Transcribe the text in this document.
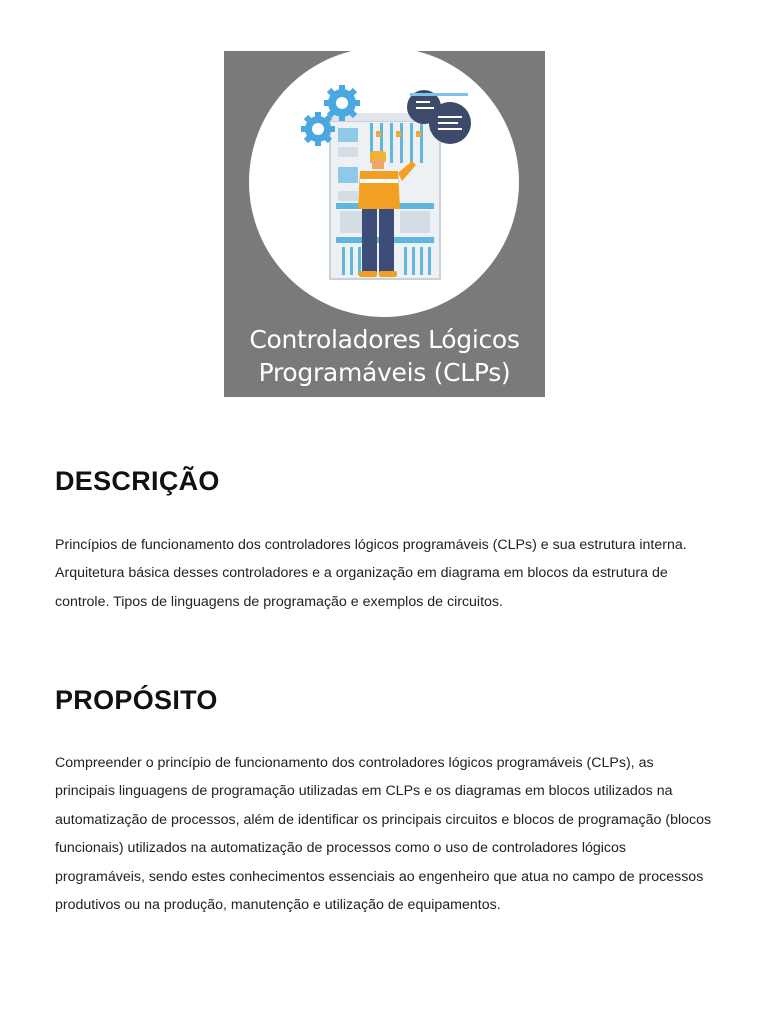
Controladores Lógicos
Programáveis (CLPs)
DESCRIÇÃO

Princípios de funcionamento dos controladores lógicos programáveis (CLPs) e sua estrutura interna. Arquitetura básica desses controladores e a organização em diagrama em blocos da estrutura de controle. Tipos de linguagens de programação e exemplos de circuitos.

PROPÓSITO

Compreender o princípio de funcionamento dos controladores lógicos programáveis (CLPs), as principais linguagens de programação utilizadas em CLPs e os diagramas em blocos utilizados na automatização de processos, além de identificar os principais circuitos e blocos de programação (blocos funcionais) utilizados na automatização de processos como o uso de controladores lógicos programáveis, sendo estes conhecimentos essenciais ao engenheiro que atua no campo de processos produtivos ou na produção, manutenção e utilização de equipamentos.
